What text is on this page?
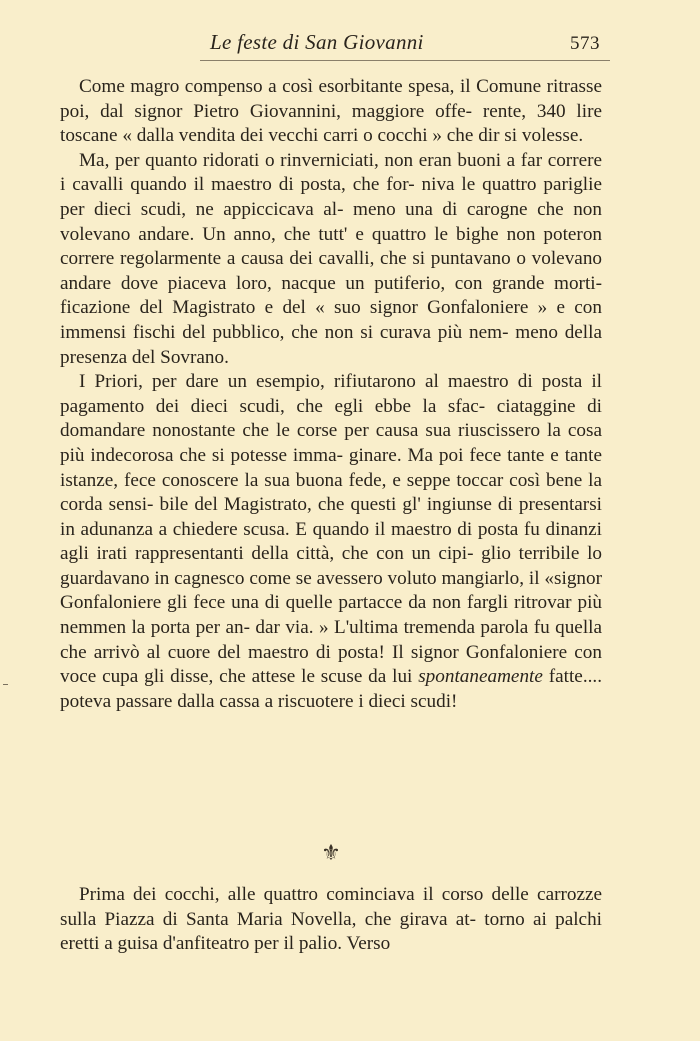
Le feste di San Giovanni	573

Come magro compenso a così esorbitante spesa, il Comune ritrasse poi, dal signor Pietro Giovannini, maggiore offe- rente, 340 lire toscane « dalla vendita dei vecchi carri o cocchi » che dir si volesse.

Ma, per quanto ridorati o rinverniciati, non eran buoni a far correre i cavalli quando il maestro di posta, che for- niva le quattro pariglie per dieci scudi, ne appiccicava al- meno una di carogne che non volevano andare. Un anno, che tutt' e quattro le bighe non poteron correre regolarmente a causa dei cavalli, che si puntavano o volevano andare dove piaceva loro, nacque un putiferio, con grande morti- ficazione del Magistrato e del « suo signor Gonfaloniere » e con immensi fischi del pubblico, che non si curava più nem- meno della presenza del Sovrano.

I Priori, per dare un esempio, rifiutarono al maestro di posta il pagamento dei dieci scudi, che egli ebbe la sfac- ciataggine di domandare nonostante che le corse per causa sua riuscissero la cosa più indecorosa che si potesse imma- ginare. Ma poi fece tante e tante istanze, fece conoscere la sua buona fede, e seppe toccar così bene la corda sensi- bile del Magistrato, che questi gl' ingiunse di presentarsi in adunanza a chiedere scusa. E quando il maestro di posta fu dinanzi agli irati rappresentanti della città, che con un cipi- glio terribile lo guardavano in cagnesco come se avessero voluto mangiarlo, il «signor Gonfaloniere gli fece una di quelle partacce da non fargli ritrovar più nemmen la porta per an- dar via. » L'ultima tremenda parola fu quella che arrivò al cuore del maestro di posta! Il signor Gonfaloniere con voce cupa gli disse, che attese le scuse da lui spontaneamente fatte.... poteva passare dalla cassa a riscuotere i dieci scudi!

⚜

Prima dei cocchi, alle quattro cominciava il corso delle carrozze sulla Piazza di Santa Maria Novella, che girava at- torno ai palchi eretti a guisa d'anfiteatro per il palio. Verso
